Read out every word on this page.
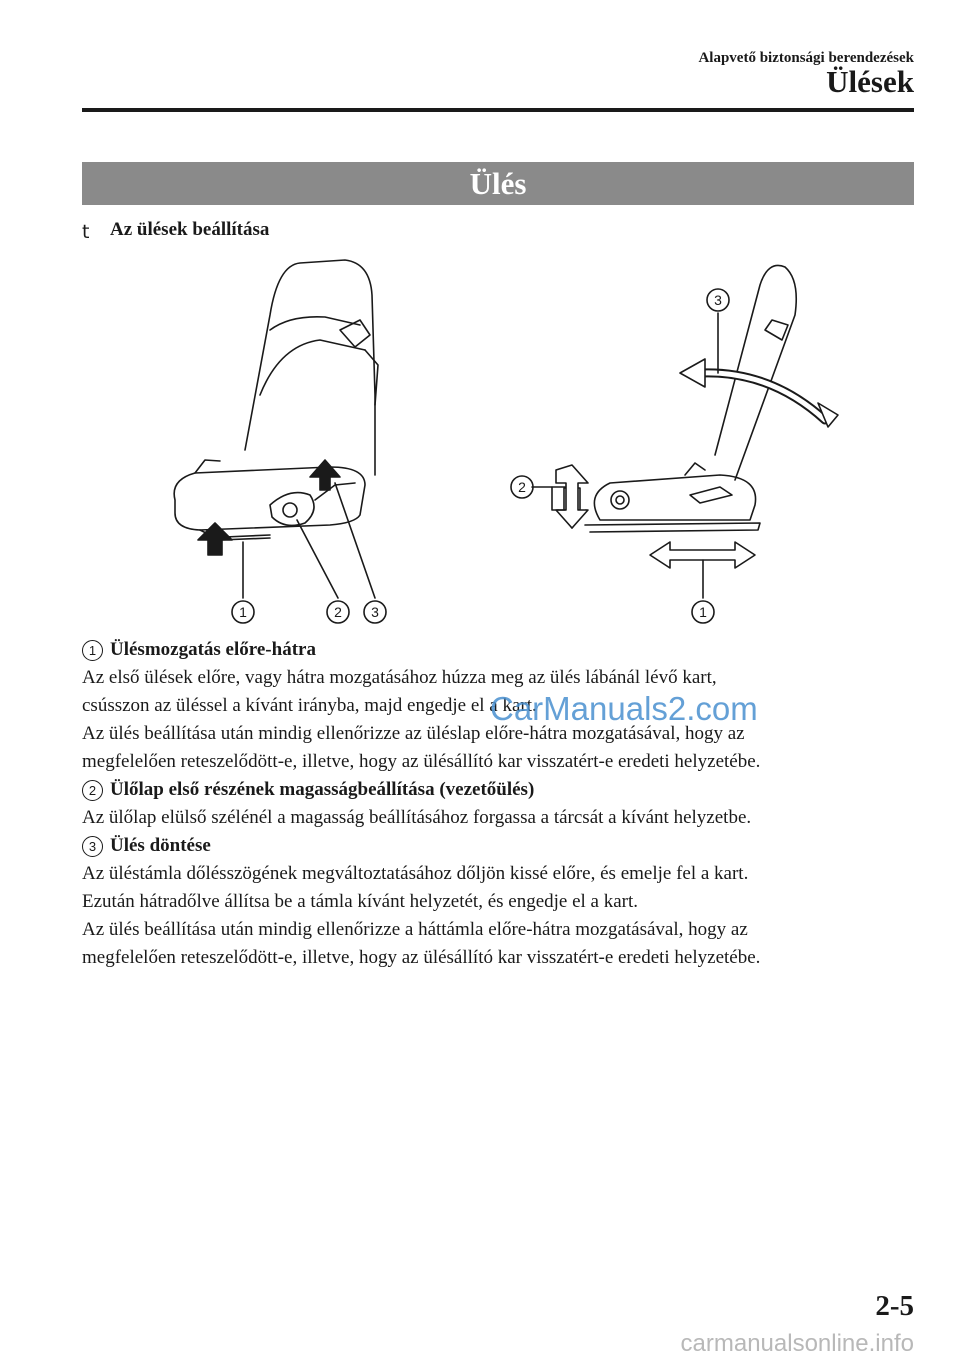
Alapvető biztonsági berendezések
Ülések
Ülés
t Az ülések beállítása
1	2 3
3
2
1
1 Ülésmozgatás előre-hátra

Az első ülések előre, vagy hátra mozgatásához húzza meg az ülés lábánál lévő kart,

csússzon az üléssel a kívánt irányba, majd engedje el a kart.

Az ülés beállítása után mindig ellenőrizze az üléslap előre-hátra mozgatásával, hogy az

megfelelően reteszelődött-e, illetve, hogy az ülésállító kar visszatért-e eredeti helyzetébe.

2 Ülőlap első részének magasságbeállítása (vezetőülés)

Az ülőlap elülső szélénél a magasság beállításához forgassa a tárcsát a kívánt helyzetbe.

3 Ülés döntése

Az üléstámla dőlésszögének megváltoztatásához dőljön kissé előre, és emelje fel a kart.

Ezután hátradőlve állítsa be a támla kívánt helyzetét, és engedje el a kart.

Az ülés beállítása után mindig ellenőrizze a háttámla előre-hátra mozgatásával, hogy az

megfelelően reteszelődött-e, illetve, hogy az ülésállító kar visszatért-e eredeti helyzetébe.

CarManuals2.com
2-5
carmanualsonline.info
